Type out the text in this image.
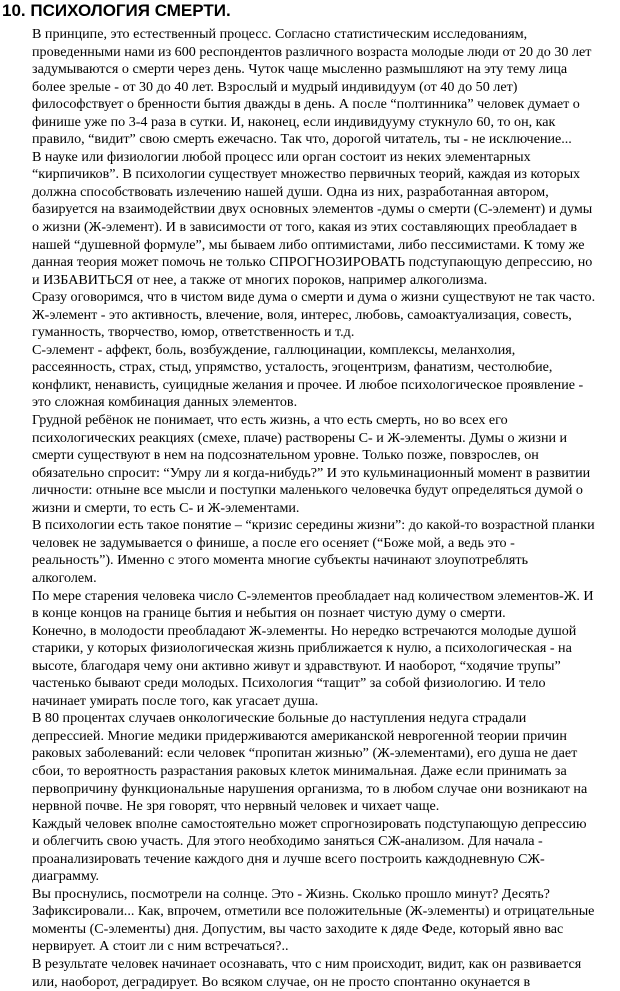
10. ПСИХОЛОГИЯ СМЕРТИ.
В принципе, это естественный процесс. Согласно статистическим исследованиям,
проведенными нами из 600 респондентов различного возраста молодые люди от 20 до 30 лет
задумываются о смерти через день. Чуток чаще мысленно размышляют на эту тему лица
более зрелые - от 30 до 40 лет. Взрослый и мудрый индивидуум (от 40 до 50 лет)
философствует о бренности бытия дважды в день. А после “полтинника” человек думает о
финише уже по 3-4 раза в сутки. И, наконец, если индивидууму стукнуло 60, то он, как
правило, “видит” свою смерть ежечасно. Так что, дорогой читатель, ты - не исключение...
В науке или физиологии любой процесс или орган состоит из неких элементарных
“кирпичиков”. В психологии существует множество первичных теорий, каждая из которых
должна способствовать излечению нашей души. Одна из них, разработанная автором,
базируется на взаимодействии двух основных элементов -думы о смерти (С-элемент) и думы
о жизни (Ж-элемент). И в зависимости от того, какая из этих составляющих преобладает в
нашей “душевной формуле”, мы бываем либо оптимистами, либо пессимистами. К тому же
данная теория может помочь не только СПРОГНОЗИРОВАТЬ подступающую депрессию, но
и ИЗБАВИТЬСЯ от нее, а также от многих пороков, например алкоголизма.
Сразу оговоримся, что в чистом виде дума о смерти и дума о жизни существуют не так часто.
Ж-элемент - это активность, влечение, воля, интерес, любовь, самоактуализация, совесть,
гуманность, творчество, юмор, ответственность и т.д.
С-элемент - аффект, боль, возбуждение, галлюцинации, комплексы, меланхолия,
рассеянность, страх, стыд, упрямство, усталость, эгоцентризм, фанатизм, честолюбие,
конфликт, ненависть, суицидные желания и прочее. И любое психологическое проявление -
это сложная комбинация данных элементов.
Грудной ребёнок не понимает, что есть жизнь, а что есть смерть, но во всех его
психологических реакциях (смехе, плаче) растворены С- и Ж-элементы. Думы о жизни и
смерти существуют в нем на подсознательном уровне. Только позже, повзрослев, он
обязательно спросит: “Умру ли я когда-нибудь?” И это кульминационный момент в развитии
личности: отныне все мысли и поступки маленького человечка будут определяться думой о
жизни и смерти, то есть С- и Ж-элементами.
В психологии есть такое понятие – “кризис середины жизни”: до какой-то возрастной планки
человек не задумывается о финише, а после его осеняет (“Боже мой, а ведь это -
реальность”). Именно с этого момента многие субъекты начинают злоупотреблять
алкоголем.
По мере старения человека число С-элементов преобладает над количеством элементов-Ж. И
в конце концов на границе бытия и небытия он познает чистую думу о смерти.
Конечно, в молодости преобладают Ж-элементы. Но нередко встречаются молодые душой
старики, у которых физиологическая жизнь приближается к нулю, а психологическая - на
высоте, благодаря чему они активно живут и здравствуют. И наоборот, “ходячие трупы”
частенько бывают среди молодых. Психология “тащит” за собой физиологию. И тело
начинает умирать после того, как угасает душа.
В 80 процентах случаев онкологические больные до наступления недуга страдали
депрессией. Многие медики придерживаются американской неврогенной теории причин
раковых заболеваний: если человек “пропитан жизнью” (Ж-элементами), его душа не дает
сбои, то вероятность разрастания раковых клеток минимальная. Даже если принимать за
первопричину функциональные нарушения организма, то в любом случае они возникают на
нервной почве. Не зря говорят, что нервный человек и чихает чаще.
Каждый человек вполне самостоятельно может спрогнозировать подступающую депрессию
и облегчить свою участь. Для этого необходимо заняться СЖ-анализом. Для начала -
проанализировать течение каждого дня и лучше всего построить каждодневную СЖ-
диаграмму.
Вы проснулись, посмотрели на солнце. Это - Жизнь. Сколько прошло минут? Десять?
Зафиксировали... Как, впрочем, отметили все положительные (Ж-элементы) и отрицательные
моменты (С-элементы) дня. Допустим, вы часто заходите к дяде Феде, который явно вас
нервирует. А стоит ли с ним встречаться?..
В результате человек начинает осознавать, что с ним происходит, видит, как он развивается
или, наоборот, деградирует. Во всяком случае, он не просто спонтанно окунается в
